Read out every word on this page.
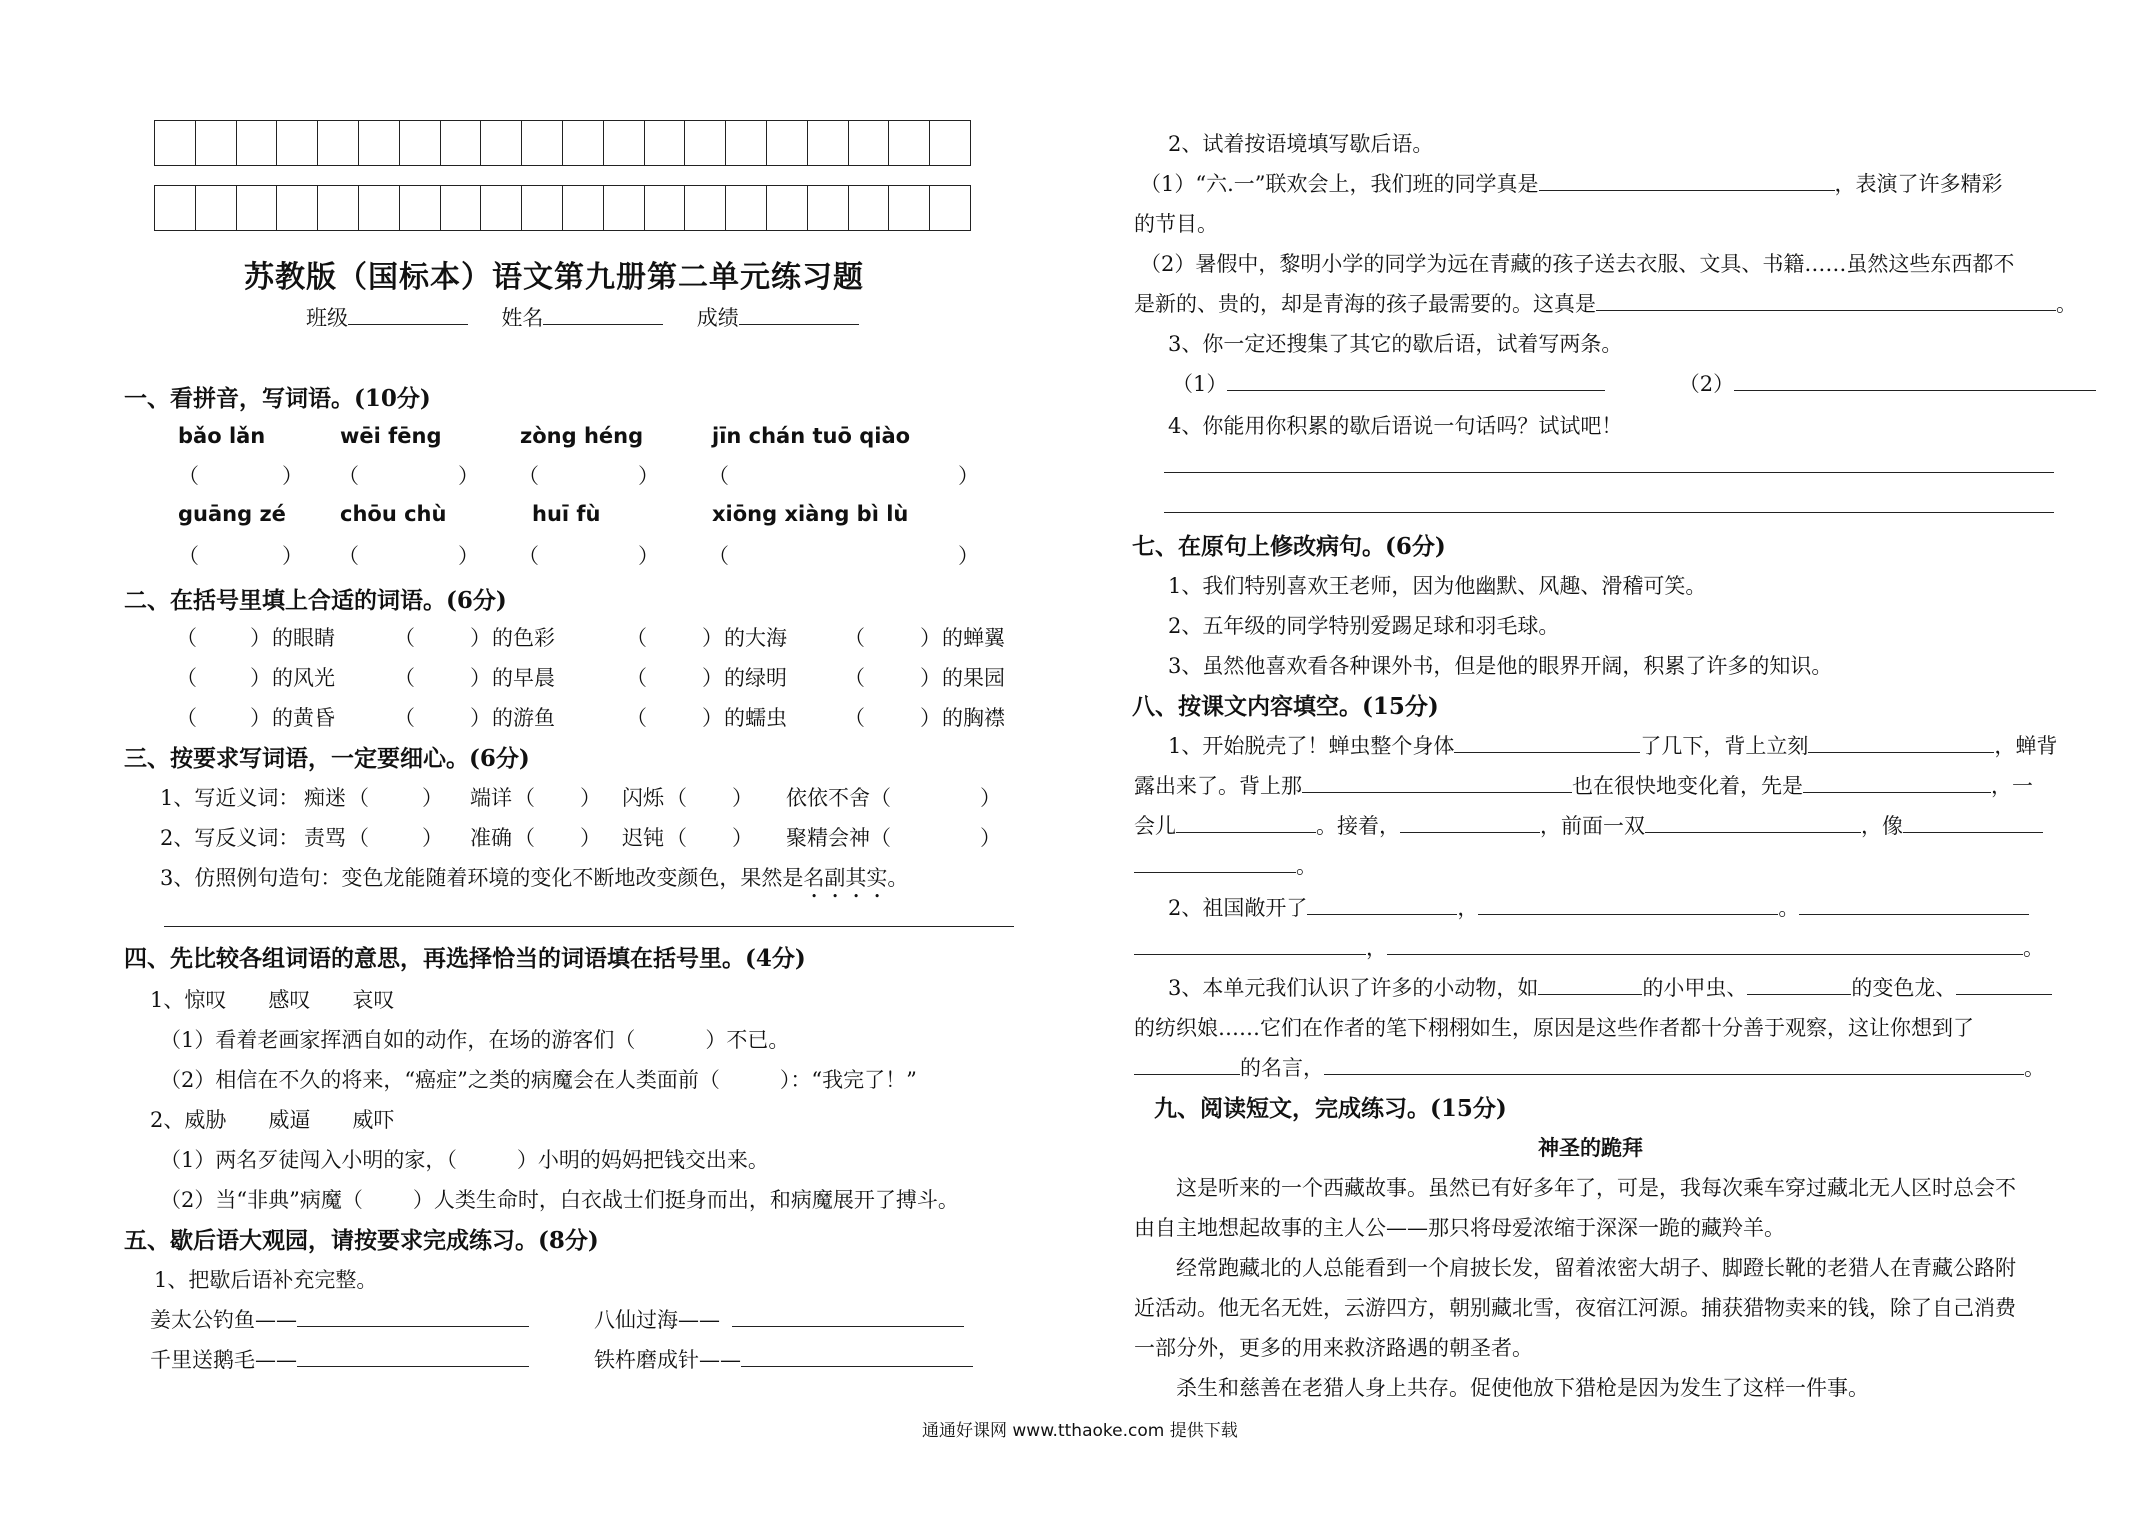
苏教版（国标本）语文第九册第二单元练习题
班级	姓名	成绩
一、看拼音，写词语。(10分)
bǎo lǎn	wēi fēng	zòng héng	jīn chán tuō qiào
（	） （	） （	） （	）
guāng zé	chōu chù	huī fù	xiōng xiàng bì lù
（	） （	） （	） （	）
二、在括号里填上合适的词语。(6分)
（	） 的眼睛	（	） 的色彩	（	） 的大海	（	） 的蝉翼
（	） 的风光	（	） 的早晨	（	） 的绿明	（	） 的果园
（	） 的黄昏	（	） 的游鱼	（	） 的蠕虫	（	） 的胸襟
三、按要求写词语，一定要细心。(6分)
1、写近义词： 痴迷 （	） 端详 （ ） 闪烁 （ ） 依依不舍 （	）
2、写反义词： 责骂 （	） 准确 （ ） 迟钝 （ ） 聚精会神 （	）
3、仿照例句造句：变色龙能随着环境的变化不断地改变颜色，果然是名副其实。
四、先比较各组词语的意思，再选择恰当的词语填在括号里。(4分)
1、惊叹　　感叹　　哀叹
（1）看着老画家挥洒自如的动作，在场的游客们（	）不已。
（2）相信在不久的将来，“癌症”之类的病魔会在人类面前（	）：“我完了！”
2、威胁　　威逼　　威吓
（1）两名歹徒闯入小明的家，（	）小明的妈妈把钱交出来。
（2）当“非典”病魔（ ）人类生命时，白衣战士们挺身而出，和病魔展开了搏斗。
五、歇后语大观园，请按要求完成练习。(8分)
1、把歇后语补充完整。
姜太公钓鱼——	八仙过海——
千里送鹅毛——	铁杵磨成针——
2、试着按语境填写歇后语。
（1）“六.一”联欢会上，我们班的同学真是	，表演了许多精彩
的节目。
（2）暑假中，黎明小学的同学为远在青藏的孩子送去衣服、文具、书籍……虽然这些东西都不
是新的、贵的，却是青海的孩子最需要的。这真是	。
3、你一定还搜集了其它的歇后语，试着写两条。
（1）	（2）
4、你能用你积累的歇后语说一句话吗？试试吧！
七、在原句上修改病句。(6分)
1、我们特别喜欢王老师，因为他幽默、风趣、滑稽可笑。
2、五年级的同学特别爱踢足球和羽毛球。
3、虽然他喜欢看各种课外书，但是他的眼界开阔，积累了许多的知识。
八、按课文内容填空。(15分)
1、开始脱壳了！蝉虫整个身体	了几下，背上立刻	，蝉背
露出来了。背上那	也在很快地变化着，先是	，一
会儿	。接着，	，前面一双	，像
。
2、祖国敞开了	，	。
，	。
3、本单元我们认识了许多的小动物，如	的小甲虫、	的变色龙、
的纺织娘……它们在作者的笔下栩栩如生，原因是这些作者都十分善于观察，这让你想到了
的名言，	。
九、阅读短文，完成练习。(15分)
神圣的跪拜
这是听来的一个西藏故事。虽然已有好多年了，可是，我每次乘车穿过藏北无人区时总会不
由自主地想起故事的主人公——那只将母爱浓缩于深深一跪的藏羚羊。
经常跑藏北的人总能看到一个肩披长发，留着浓密大胡子、脚蹬长靴的老猎人在青藏公路附
近活动。他无名无姓，云游四方，朝别藏北雪，夜宿江河源。捕获猎物卖来的钱，除了自己消费
一部分外，更多的用来救济路遇的朝圣者。
杀生和慈善在老猎人身上共存。促使他放下猎枪是因为发生了这样一件事。
通通好课网 www.tthaoke.com 提供下载
